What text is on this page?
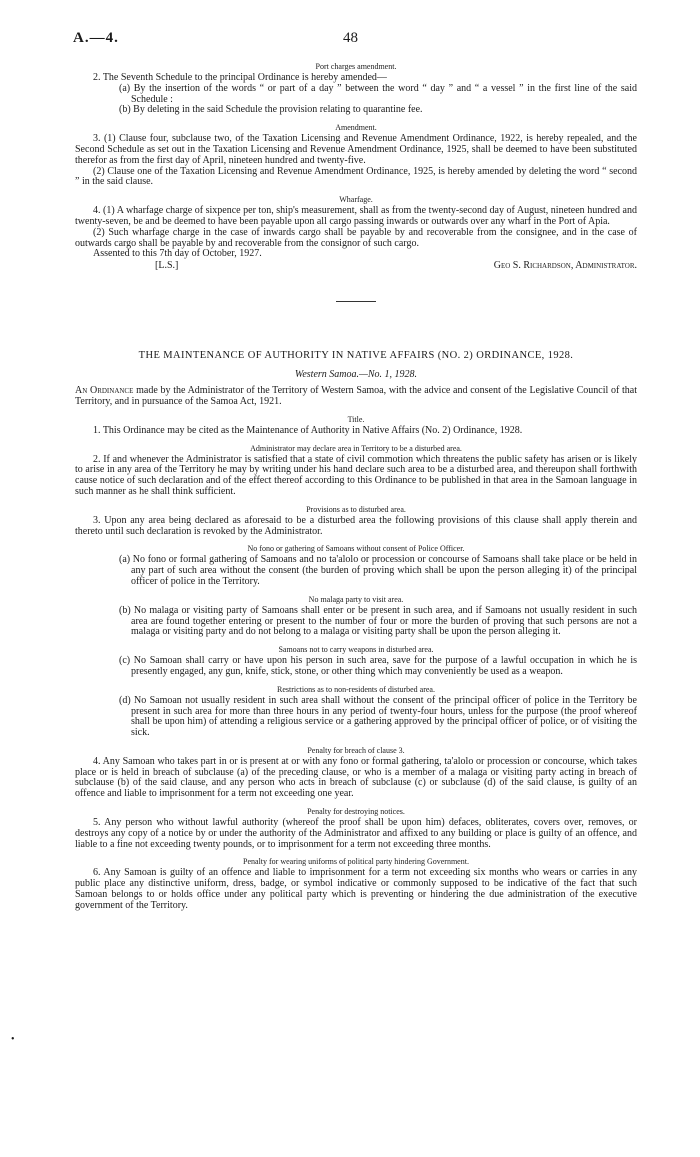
A.—4.	48
•
Port charges amendment.

2. The Seventh Schedule to the principal Ordinance is hereby amended—

(a) By the insertion of the words “ or part of a day ” between the word “ day ” and “ a vessel ” in the first line of the said Schedule :

(b) By deleting in the said Schedule the provision relating to quarantine fee.

Amendment.

3. (1) Clause four, subclause two, of the Taxation Licensing and Revenue Amendment Ordinance, 1922, is hereby repealed, and the Second Schedule as set out in the Taxation Licensing and Revenue Amendment Ordinance, 1925, shall be deemed to have been substituted therefor as from the first day of April, nineteen hundred and twenty-five.

(2) Clause one of the Taxation Licensing and Revenue Amendment Ordinance, 1925, is hereby amended by deleting the word “ second ” in the said clause.

Wharfage.

4. (1) A wharfage charge of sixpence per ton, ship's measurement, shall as from the twenty-second day of August, nineteen hundred and twenty-seven, be and be deemed to have been payable upon all cargo passing inwards or outwards over any wharf in the Port of Apia.

(2) Such wharfage charge in the case of inwards cargo shall be payable by and recoverable from the consignee, and in the case of outwards cargo shall be payable by and recoverable from the consignor of such cargo.

Assented to this 7th day of October, 1927.

[L.S.]	Geo S. Richardson, Administrator.
THE MAINTENANCE OF AUTHORITY IN NATIVE AFFAIRS (NO. 2) ORDINANCE, 1928.
Western Samoa.—No. 1, 1928.

An Ordinance made by the Administrator of the Territory of Western Samoa, with the advice and consent of the Legislative Council of that Territory, and in pursuance of the Samoa Act, 1921.

Title.

1. This Ordinance may be cited as the Maintenance of Authority in Native Affairs (No. 2) Ordinance, 1928.

Administrator may declare area in Territory to be a disturbed area.

2. If and whenever the Administrator is satisfied that a state of civil commotion which threatens the public safety has arisen or is likely to arise in any area of the Territory he may by writing under his hand declare such area to be a disturbed area, and thereupon shall forthwith cause notice of such declaration and of the effect thereof according to this Ordinance to be published in that area in the Samoan language in such manner as he shall think sufficient.

Provisions as to disturbed area.

3. Upon any area being declared as aforesaid to be a disturbed area the following provisions of this clause shall apply therein and thereto until such declaration is revoked by the Administrator.

No fono or gathering of Samoans without consent of Police Officer.

(a) No fono or formal gathering of Samoans and no ta'alolo or procession or concourse of Samoans shall take place or be held in any part of such area without the consent (the burden of proving which shall be upon the person alleging it) of the principal officer of police in the Territory.

No malaga party to visit area.

(b) No malaga or visiting party of Samoans shall enter or be present in such area, and if Samoans not usually resident in such area are found together entering or present to the number of four or more the burden of proving that such persons are not a malaga or visiting party and do not belong to a malaga or visiting party shall be upon the person alleging it.

Samoans not to carry weapons in disturbed area.

(c) No Samoan shall carry or have upon his person in such area, save for the purpose of a lawful occupation in which he is presently engaged, any gun, knife, stick, stone, or other thing which may conveniently be used as a weapon.

Restrictions as to non-residents of disturbed area.

(d) No Samoan not usually resident in such area shall without the consent of the principal officer of police in the Territory be present in such area for more than three hours in any period of twenty-four hours, unless for the purpose (the proof whereof shall be upon him) of attending a religious service or a gathering approved by the principal officer of police, or of visiting the sick.

Penalty for breach of clause 3.

4. Any Samoan who takes part in or is present at or with any fono or formal gathering, ta'alolo or procession or concourse, which takes place or is held in breach of subclause (a) of the preceding clause, or who is a member of a malaga or visiting party acting in breach of subclause (b) of the said clause, and any person who acts in breach of subclause (c) or subclause (d) of the said clause, is guilty of an offence and liable to imprisonment for a term not exceeding one year.

Penalty for destroying notices.

5. Any person who without lawful authority (whereof the proof shall be upon him) defaces, obliterates, covers over, removes, or destroys any copy of a notice by or under the authority of the Administrator and affixed to any building or place is guilty of an offence, and liable to a fine not exceeding twenty pounds, or to imprisonment for a term not exceeding three months.

Penalty for wearing uniforms of political party hindering Government.

6. Any Samoan is guilty of an offence and liable to imprisonment for a term not exceeding six months who wears or carries in any public place any distinctive uniform, dress, badge, or symbol indicative or commonly supposed to be indicative of the fact that such Samoan belongs to or holds office under any political party which is preventing or hindering the due administration of the executive government of the Territory.
